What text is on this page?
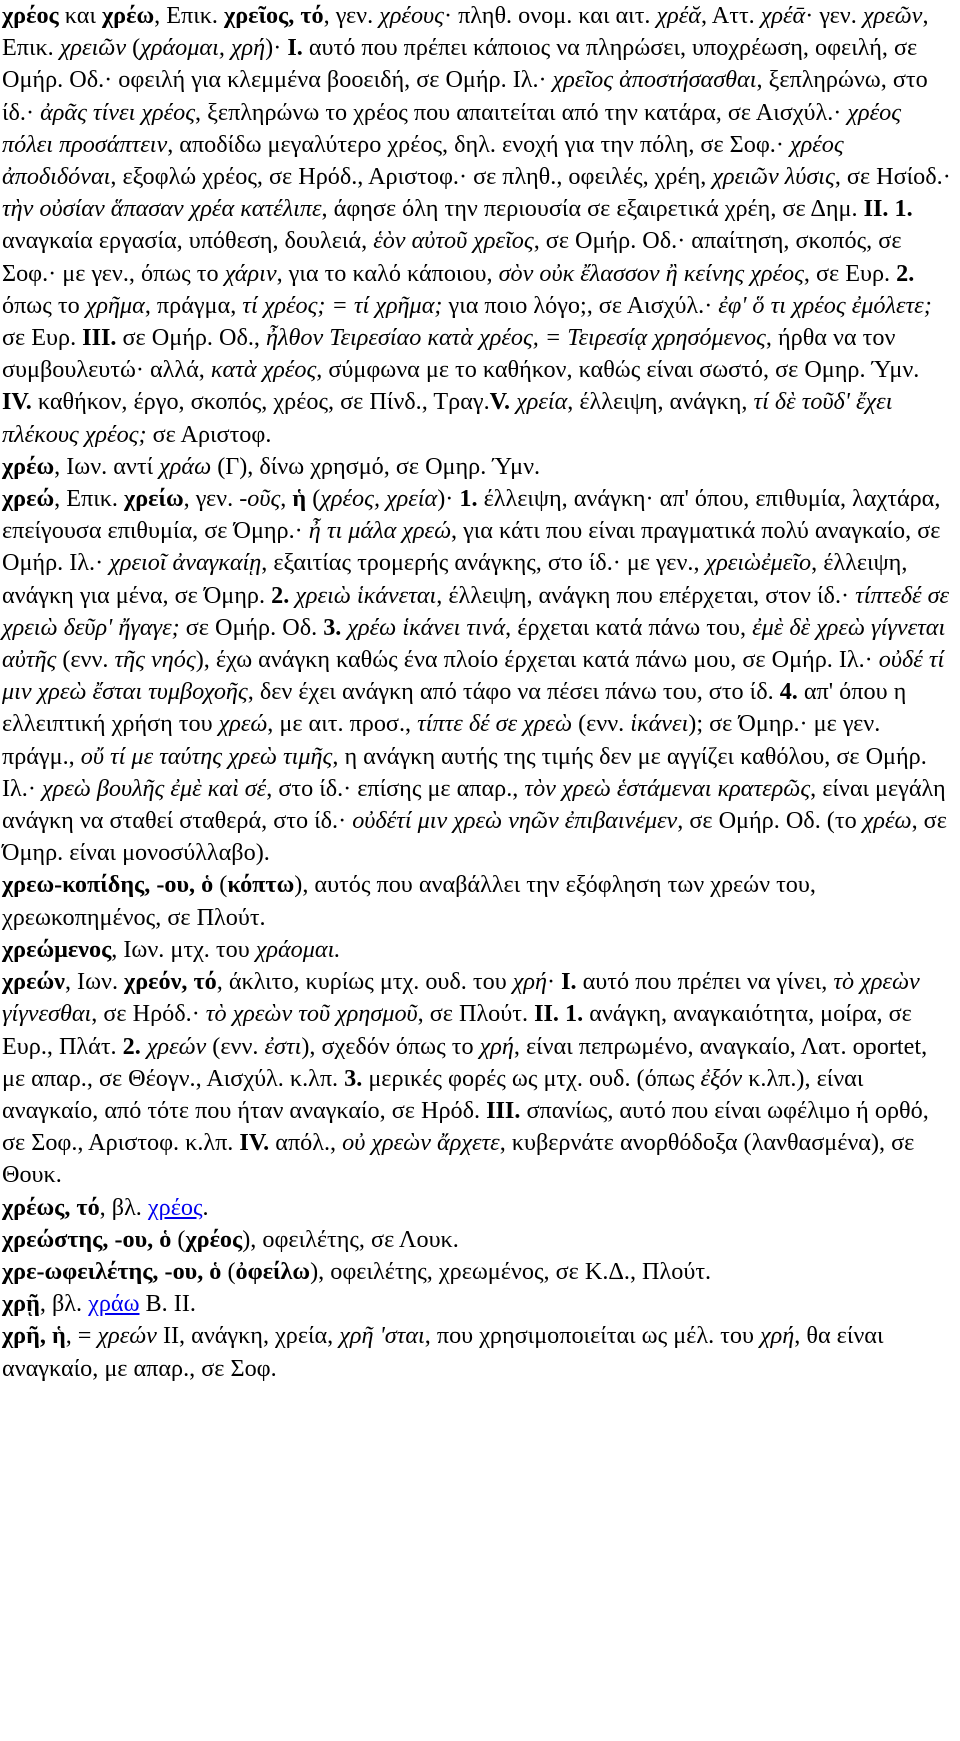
χρέος και χρέω, Επικ. χρεῖος, τό, γεν. χρέους· πληθ. ονομ. και αιτ. χρέᾰ, Αττ. χρέᾱ· γεν. χρεῶν, Επικ. χρειῶν (χράομαι, χρή)· I. αυτό που πρέπει κάποιος να πληρώσει, υποχρέωση, οφειλή, σε Ομήρ. Οδ.· οφειλή για κλεμμένα βοοειδή, σε Ομήρ. Ιλ.· χρεῖος ἀποστήσασθαι, ξεπληρώνω, στο ίδ.· ἀρᾶς τίνει χρέος, ξεπληρώνω το χρέος που απαιτείται από την κατάρα, σε Αισχύλ.· χρέος πόλει προσάπτειν, αποδίδω μεγαλύτερο χρέος, δηλ. ενοχή για την πόλη, σε Σοφ.· χρέος ἀποδιδόναι, εξοφλώ χρέος, σε Ηρόδ., Αριστοφ.· σε πληθ., οφειλές, χρέη, χρειῶν λύσις, σε Ησίοδ.· τὴν οὐσίαν ἅπασαν χρέα κατέλιπε, άφησε όλη την περιουσία σε εξαιρετικά χρέη, σε Δημ. II. 1. αναγκαία εργασία, υπόθεση, δουλειά, ἑὸν αὐτοῦ χρεῖος, σε Ομήρ. Οδ.· απαίτηση, σκοπός, σε Σοφ.· με γεν., όπως το χάριν, για το καλό κάποιου, σὸν οὐκ ἔλασσον ἢ κείνης χρέος, σε Ευρ. 2. όπως το χρῆμα, πράγμα, τί χρέος; = τί χρῆμα; για ποιο λόγο;, σε Αισχύλ.· ἐφ' ὅ τι χρέος ἐμόλετε; σε Ευρ. III. σε Ομήρ. Οδ., ἦλθον Τειρεσίαο κατὰ χρέος, = Τειρεσίᾳ χρησόμενος, ήρθα να τον συμβουλευτώ· αλλά, κατὰ χρέος, σύμφωνα με το καθήκον, καθώς είναι σωστό, σε Ομηρ. Ύμν. IV. καθήκον, έργο, σκοπός, χρέος, σε Πίνδ., Τραγ.V. χρεία, έλλειψη, ανάγκη, τί δὲ τοῦδ' ἔχει πλέκους χρέος; σε Αριστοφ.

χρέω, Ιων. αντί χράω (Γ), δίνω χρησμό, σε Ομηρ. Ύμν.

χρεώ, Επικ. χρείω, γεν. -οῦς, ἡ (χρέος, χρεία)· 1. έλλειψη, ανάγκη· απ' όπου, επιθυμία, λαχτάρα, επείγουσα επιθυμία, σε Όμηρ.· ἦ τι μάλα χρεώ, για κάτι που είναι πραγματικά πολύ αναγκαίο, σε Ομήρ. Ιλ.· χρειοῖ ἀναγκαίῃ, εξαιτίας τρομερής ανάγκης, στο ίδ.· με γεν., χρειὼἐμεῖο, έλλειψη, ανάγκη για μένα, σε Όμηρ. 2. χρειὼ ἱκάνεται, έλλειψη, ανάγκη που επέρχεται, στον ίδ.· τίπτεδέ σε χρειὼ δεῦρ' ἤγαγε; σε Ομήρ. Οδ. 3. χρέω ἱκάνει τινά, έρχεται κατά πάνω του, ἐμὲ δὲ χρεὼ γίγνεται αὐτῆς (ενν. τῆς νηός), έχω ανάγκη καθώς ένα πλοίο έρχεται κατά πάνω μου, σε Ομήρ. Ιλ.· οὐδέ τί μιν χρεὼ ἔσται τυμβοχοῆς, δεν έχει ανάγκη από τάφο να πέσει πάνω του, στο ίδ. 4. απ' όπου η ελλειπτική χρήση του χρεώ, με αιτ. προσ., τίπτε δέ σε χρεὼ (ενν. ἱκάνει); σε Όμηρ.· με γεν. πράγμ., οὔ τί με ταύτης χρεὼ τιμῆς, η ανάγκη αυτής της τιμής δεν με αγγίζει καθόλου, σε Ομήρ. Ιλ.· χρεὼ βουλῆς ἐμὲ καὶ σέ, στο ίδ.· επίσης με απαρ., τὸν χρεὼ ἑστάμεναι κρατερῶς, είναι μεγάλη ανάγκη να σταθεί σταθερά, στο ίδ.· οὐδέτί μιν χρεὼ νηῶν ἐπιβαινέμεν, σε Ομήρ. Οδ. (το χρέω, σε Όμηρ. είναι μονοσύλλαβο).

χρεω-κοπίδης, -ου, ὁ (κόπτω), αυτός που αναβάλλει την εξόφληση των χρεών του, χρεωκοπημένος, σε Πλούτ.

χρεώμενος, Ιων. μτχ. του χράομαι.

χρεών, Ιων. χρεόν, τό, άκλιτο, κυρίως μτχ. ουδ. του χρή· I. αυτό που πρέπει να γίνει, τὸ χρεὼν γίγνεσθαι, σε Ηρόδ.· τὸ χρεὼν τοῦ χρησμοῦ, σε Πλούτ. II. 1. ανάγκη, αναγκαιότητα, μοίρα, σε Ευρ., Πλάτ. 2. χρεών (ενν. ἐστι), σχεδόν όπως το χρή, είναι πεπρωμένο, αναγκαίο, Λατ. oportet, με απαρ., σε Θέογν., Αισχύλ. κ.λπ. 3. μερικές φορές ως μτχ. ουδ. (όπως ἐξόν κ.λπ.), είναι αναγκαίο, από τότε που ήταν αναγκαίο, σε Ηρόδ. III. σπανίως, αυτό που είναι ωφέλιμο ή ορθό, σε Σοφ., Αριστοφ. κ.λπ. IV. απόλ., οὐ χρεὼν ἄρχετε, κυβερνάτε ανορθόδοξα (λανθασμένα), σε Θουκ.

χρέως, τό, βλ. χρέος.

χρεώστης, -ου, ὁ (χρέος), οφειλέτης, σε Λουκ.

χρε-ωφειλέτης, -ου, ὁ (ὀφείλω), οφειλέτης, χρεωμένος, σε Κ.Δ., Πλούτ.

χρῇ, βλ. χράω Β. ΙΙ.

χρῆ, ἡ, = χρεών ΙΙ, ανάγκη, χρεία, χρῆ 'σται, που χρησιμοποιείται ως μέλ. του χρή, θα είναι αναγκαίο, με απαρ., σε Σοφ.
